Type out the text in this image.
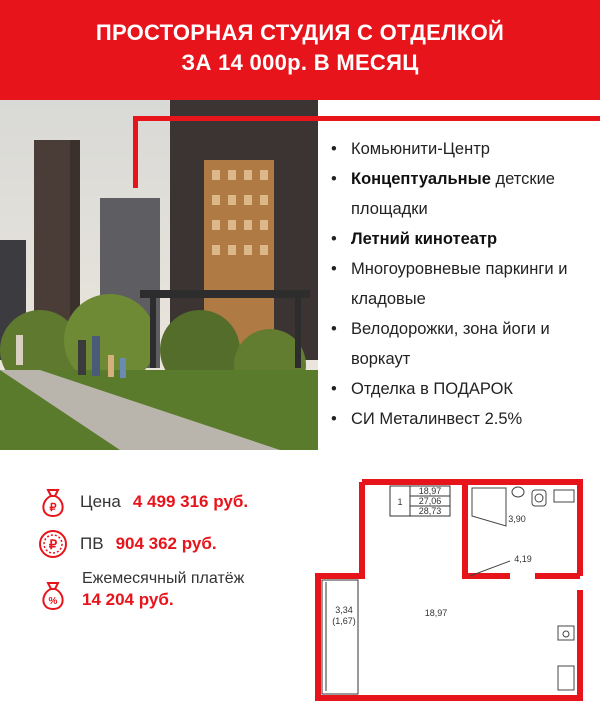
ПРОСТОРНАЯ СТУДИЯ С ОТДЕЛКОЙ
ЗА 14 000р. В МЕСЯЦ
• Комьюнити-Центр
• Концептуальные детские площадки
• Летний кинотеатр
• Многоуровневые паркинги и кладовые
• Велодорожки, зона йоги и воркаут
• Отделка в ПОДАРОК
• СИ Металинвест 2.5%
₽ Цена 4 499 316 руб.
₽ ПВ 904 362 руб.
%
Ежемесячный платёж
14 204 руб.
1
18,97
27,06
28,73
3,90
4,19
18,97
3,34
(1,67)
